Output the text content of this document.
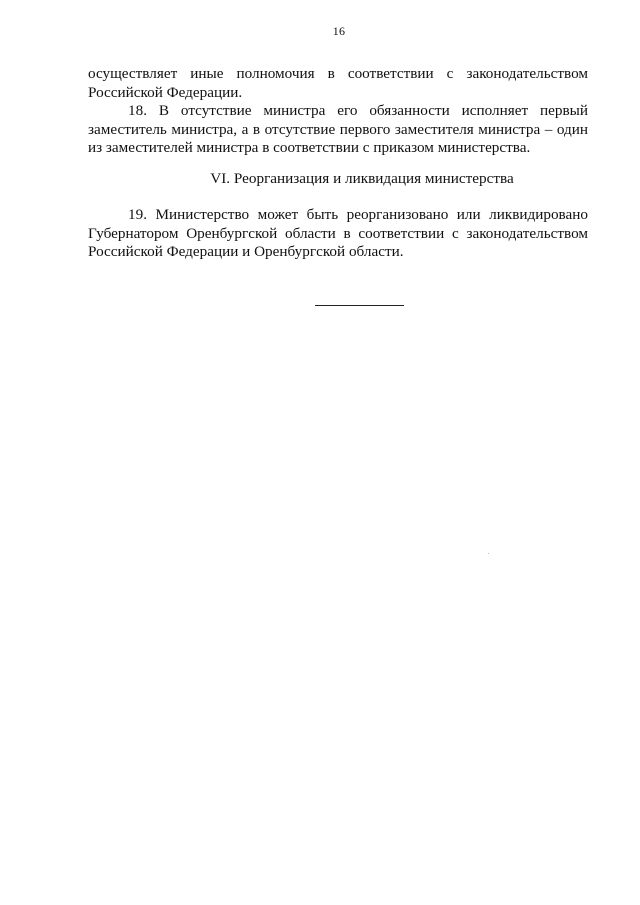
16

осуществляет иные полномочия в соответствии с законодательством Российской Федерации.

18. В отсутствие министра его обязанности исполняет первый заместитель министра, а в отсутствие первого заместителя министра – один из заместителей министра в соответствии с приказом министерства.

VI. Реорганизация и ликвидация министерства

19. Министерство может быть реорганизовано или ликвидировано Губернатором Оренбургской области в соответствии с законодательством Российской Федерации и Оренбургской области.
